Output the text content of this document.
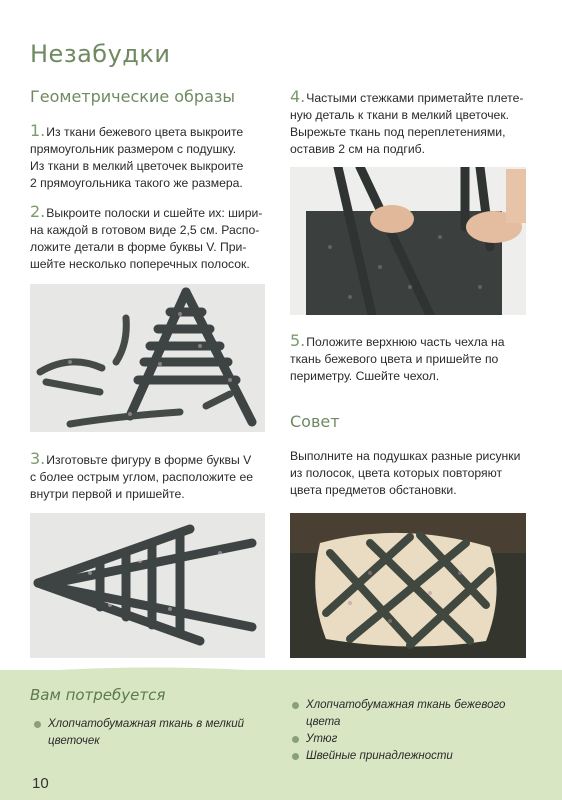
Незабудки
Геометрические образы
1.Из ткани бежевого цвета выкроите
прямоугольник размером с подушку.
Из ткани в мелкий цветочек выкроите
2 прямоугольника такого же размера.
2.Выкроите полоски и сшейте их: шири-
на каждой в готовом виде 2,5 см. Распо-
ложите детали в форме буквы V. При-
шейте несколько поперечных полосок.
3.Изготовьте фигуру в форме буквы V
с более острым углом, расположите ее
внутри первой и пришейте.
4.Частыми стежками приметайте плете-
ную деталь к ткани в мелкий цветочек.
Вырежьте ткань под переплетениями,
оставив 2 см на подгиб.
5.Положите верхнюю часть чехла на
ткань бежевого цвета и пришейте по
периметру. Сшейте чехол.
Совет
Выполните на подушках разные рисунки
из полосок, цвета которых повторяют
цвета предметов обстановки.
Вам потребуется
Хлопчатобумажная ткань в мелкий
цветочек
Хлопчатобумажная ткань бежевого
цвета
Утюг
Швейные принадлежности
10
